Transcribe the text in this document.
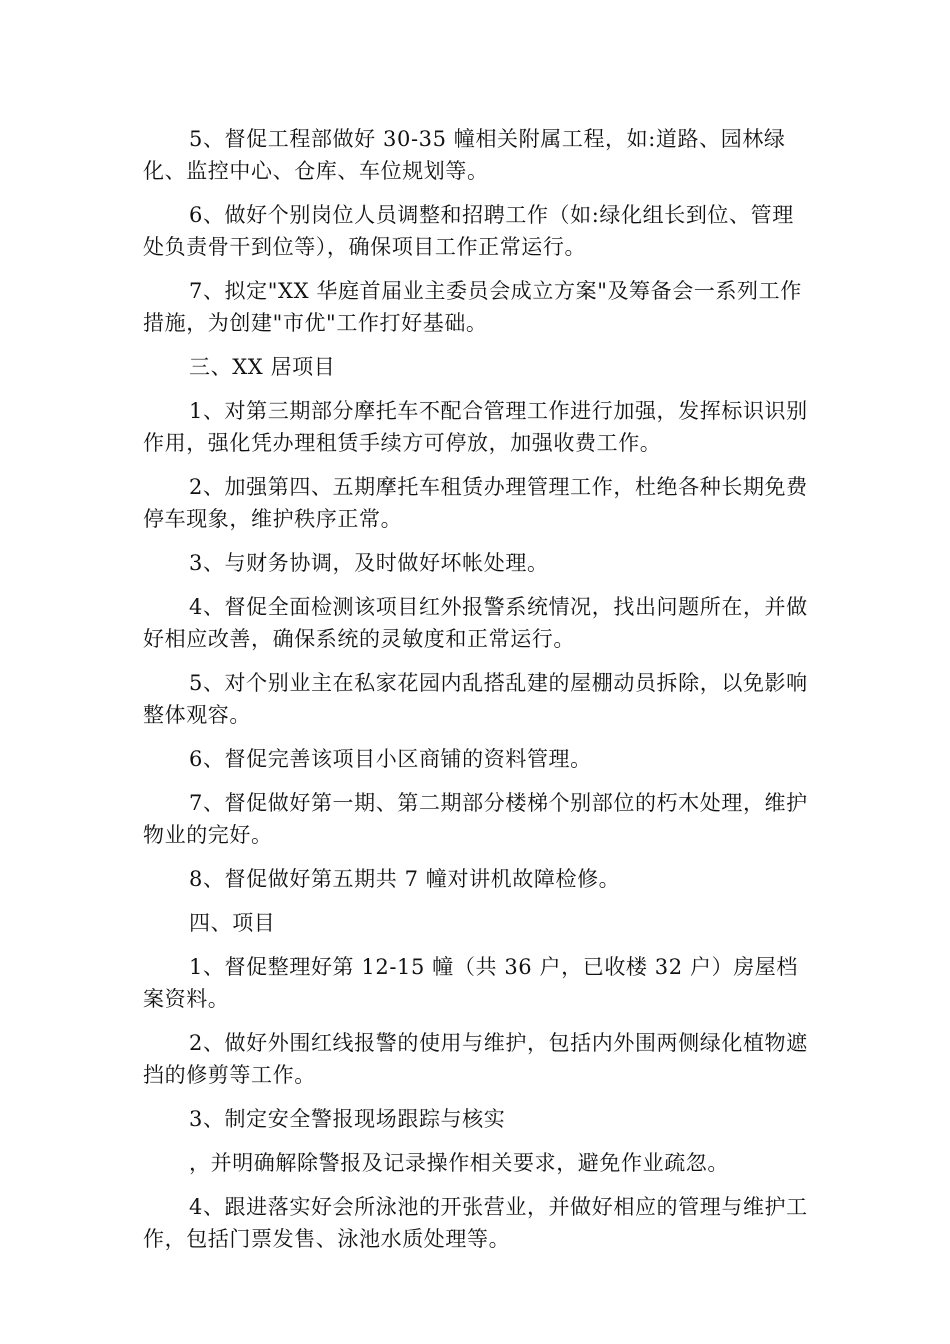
5、督促工程部做好 30-35 幢相关附属工程，如:道路、园林绿化、监控中心、仓库、车位规划等。

6、做好个别岗位人员调整和招聘工作（如:绿化组长到位、管理处负责骨干到位等），确保项目工作正常运行。

7、拟定"XX 华庭首届业主委员会成立方案"及筹备会一系列工作措施，为创建"市优"工作打好基础。

三、XX 居项目

1、对第三期部分摩托车不配合管理工作进行加强，发挥标识识别作用，强化凭办理租赁手续方可停放，加强收费工作。

2、加强第四、五期摩托车租赁办理管理工作，杜绝各种长期免费停车现象，维护秩序正常。

3、与财务协调，及时做好坏帐处理。

4、督促全面检测该项目红外报警系统情况，找出问题所在，并做好相应改善，确保系统的灵敏度和正常运行。

5、对个别业主在私家花园内乱搭乱建的屋棚动员拆除，以免影响整体观容。

6、督促完善该项目小区商铺的资料管理。

7、督促做好第一期、第二期部分楼梯个别部位的朽木处理，维护物业的完好。

8、督促做好第五期共 7 幢对讲机故障检修。

四、项目

1、督促整理好第 12-15 幢（共 36 户，已收楼 32 户）房屋档案资料。

2、做好外围红线报警的使用与维护，包括内外围两侧绿化植物遮挡的修剪等工作。

3、制定安全警报现场跟踪与核实

，并明确解除警报及记录操作相关要求，避免作业疏忽。

4、跟进落实好会所泳池的开张营业，并做好相应的管理与维护工作，包括门票发售、泳池水质处理等。
